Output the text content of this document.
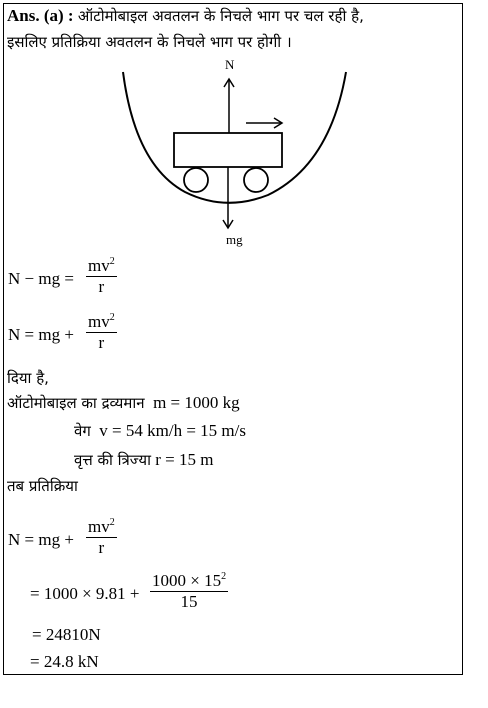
Ans. (a) : ऑटोमोबाइल अवतलन के निचले भाग पर चल रही है,
इसलिए प्रतिक्रिया अवतलन के निचले भाग पर होगी ।
N
mg
N − mg =
$mv^2$
r
N = mg +
$mv^2$
r
दिया है,
ऑटोमोबाइल का द्रव्यमान m = 1000 kg
वेग v = 54 km/h = 15 m/s
वृत्त की त्रिज्या r = 15 m
तब प्रतिक्रिया
N = mg +
$mv^2$
r
= 1000 × 9.81 +
$1000 \times 15^2$
15
= 24810N
= 24.8 kN
